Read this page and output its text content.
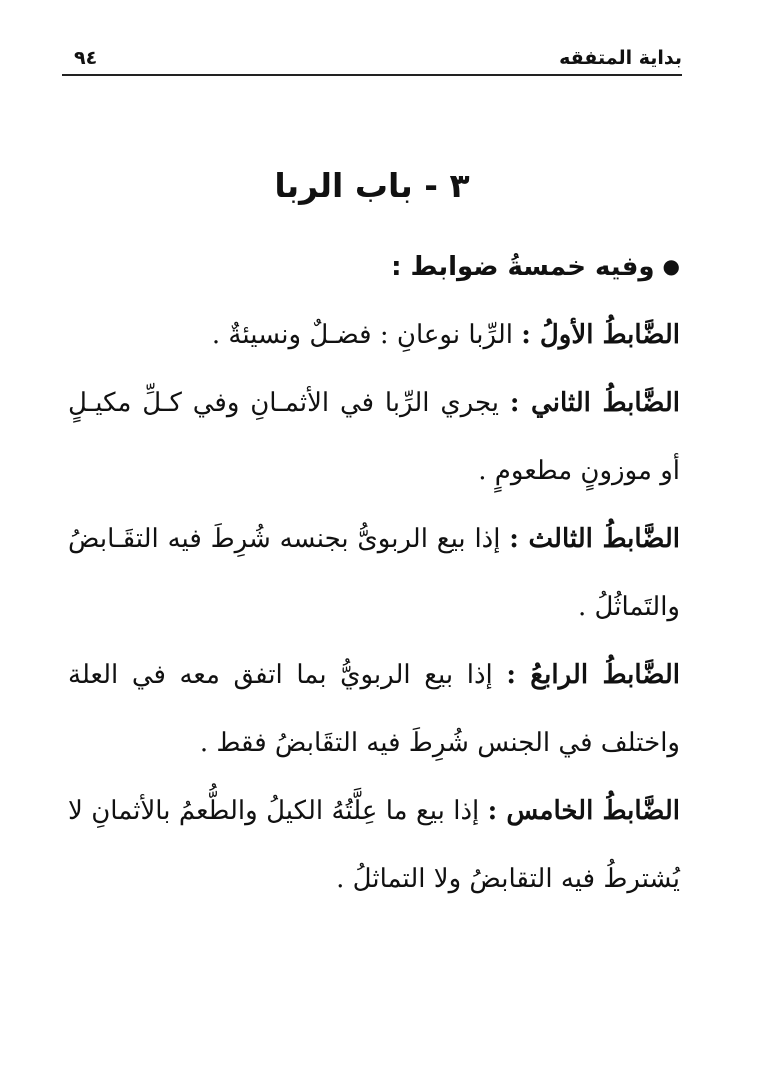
بداية المتفقه
٩٤
٣ - باب الربا

●وفيه خمسةُ ضوابط :

الضَّابطُ الأولُ : الرِّبا نوعانِ : فضـلٌ ونسيئةٌ .

الضَّابطُ الثاني : يجري الرِّبا في الأثمـانِ وفي كـلِّ مكيـلٍ أو موزونٍ مطعومٍ .

الضَّابطُ الثالث : إذا بيع الربوىُّ بجنسه شُرِطَ فيه التقَـابضُ والتَماثُلُ .

الضَّابطُ الرابعُ : إذا بيع الربويُّ بما اتفق معه في العلة واختلف في الجنس شُرِطَ فيه التقَابضُ فقط .

الضَّابطُ الخامس : إذا بيع ما عِلَّتُهُ الكيلُ والطُّعمُ بالأثمانِ لا يُشترطُ فيه التقابضُ ولا التماثلُ .
